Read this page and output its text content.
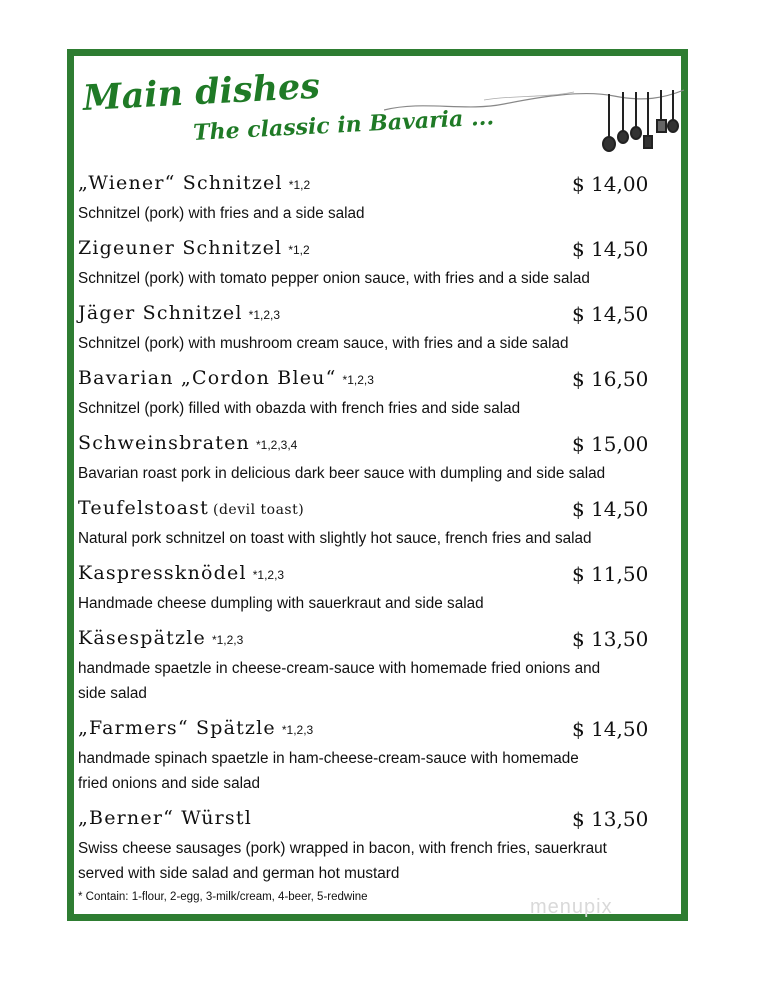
Main dishes
The classic in Bavaria ...
„Wiener“ Schnitzel *1,2	$ 14,00
Schnitzel (pork) with fries and a side salad
Zigeuner Schnitzel *1,2	$ 14,50
Schnitzel (pork) with tomato pepper onion sauce, with fries and a side salad
Jäger Schnitzel *1,2,3	$ 14,50
Schnitzel (pork) with mushroom cream sauce, with fries and a side salad
Bavarian „Cordon Bleu“ *1,2,3	$ 16,50
Schnitzel (pork) filled with obazda with french fries and side salad
Schweinsbraten *1,2,3,4	$ 15,00
Bavarian roast pork in delicious dark beer sauce with dumpling and side salad
Teufelstoast (devil toast)	$ 14,50
Natural pork schnitzel on toast with slightly hot sauce, french fries and salad
Kaspressknödel *1,2,3	$ 11,50
Handmade cheese dumpling with sauerkraut and side salad
Käsespätzle *1,2,3	$ 13,50
handmade spaetzle in cheese-cream-sauce with homemade fried onions and side salad
„Farmers“ Spätzle *1,2,3	$ 14,50
handmade spinach spaetzle in ham-cheese-cream-sauce with homemade fried onions and side salad
„Berner“ Würstl	$ 13,50
Swiss cheese sausages (pork) wrapped in bacon, with french fries, sauerkraut served with side salad and german hot mustard
* Contain: 1-flour, 2-egg, 3-milk/cream, 4-beer, 5-redwine	menupix
